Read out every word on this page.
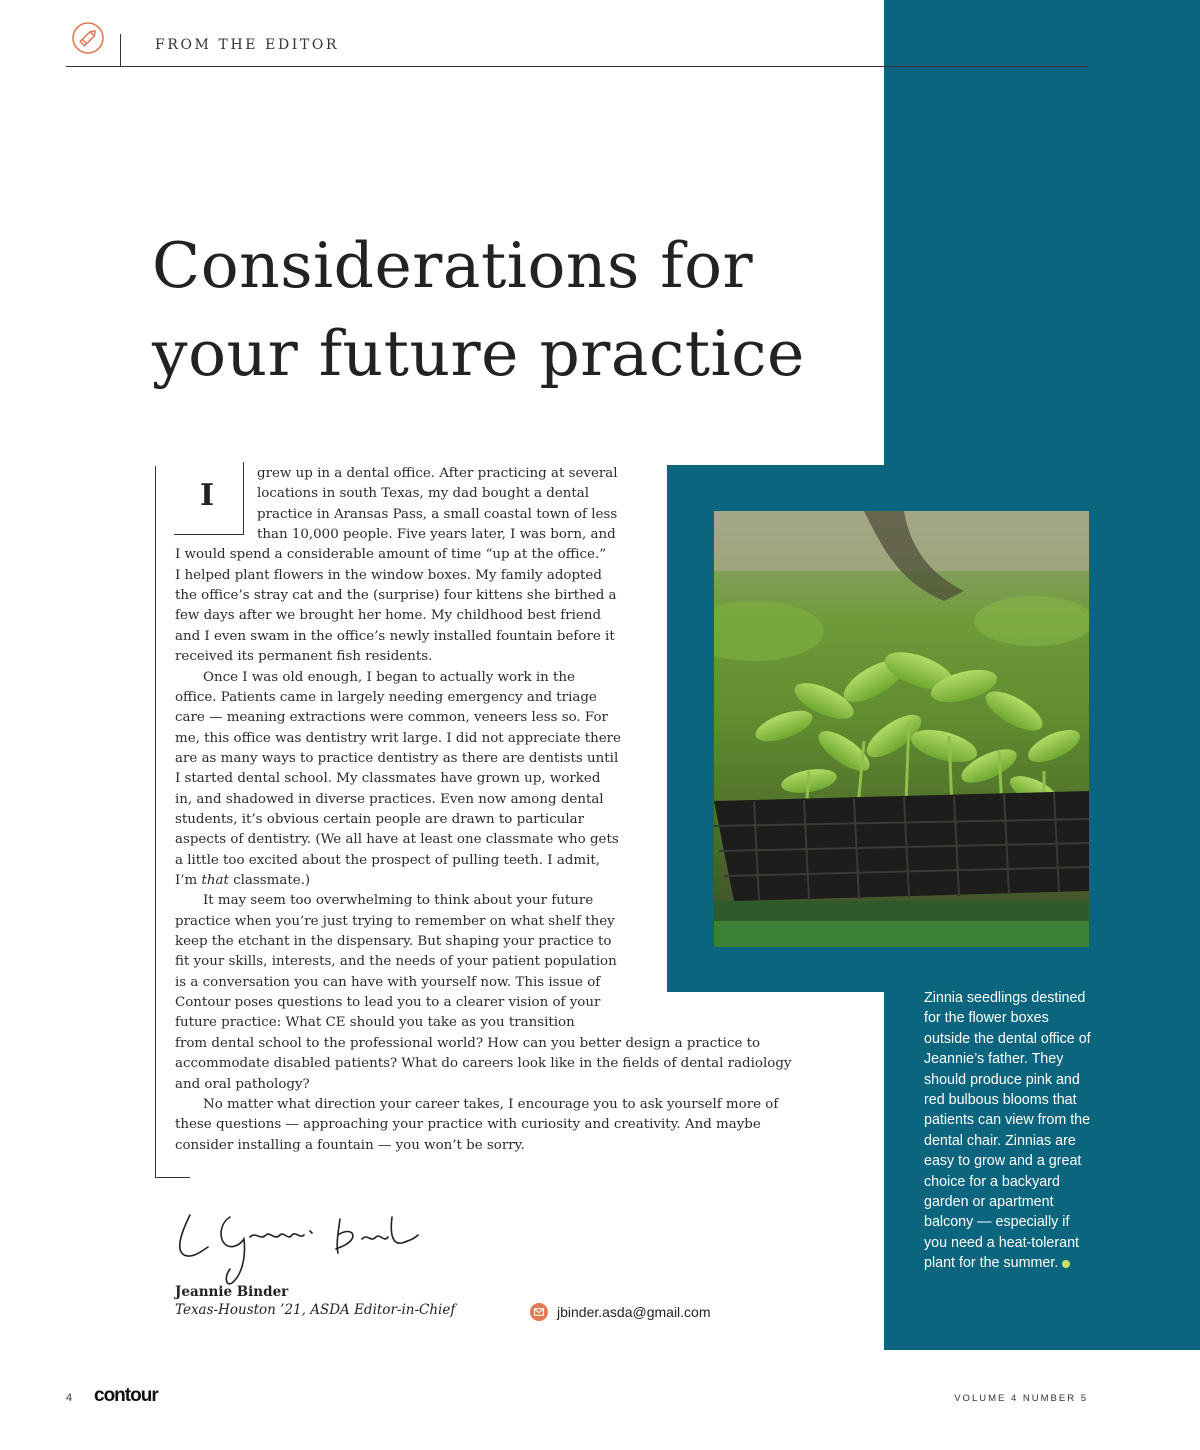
FROM THE EDITOR
Considerations for
your future practice
I
grew up in a dental office. After practicing at several
locations in south Texas, my dad bought a dental
practice in Aransas Pass, a small coastal town of less
than 10,000 people. Five years later, I was born, and
I would spend a considerable amount of time “up at the office.”
I helped plant flowers in the window boxes. My family adopted
the office’s stray cat and the (surprise) four kittens she birthed a
few days after we brought her home. My childhood best friend
and I even swam in the office’s newly installed fountain before it
received its permanent fish residents.
Once I was old enough, I began to actually work in the
office. Patients came in largely needing emergency and triage
care — meaning extractions were common, veneers less so. For
me, this office was dentistry writ large. I did not appreciate there
are as many ways to practice dentistry as there are dentists until
I started dental school. My classmates have grown up, worked
in, and shadowed in diverse practices. Even now among dental
students, it’s obvious certain people are drawn to particular
aspects of dentistry. (We all have at least one classmate who gets
a little too excited about the prospect of pulling teeth. I admit,
I’m that classmate.)
It may seem too overwhelming to think about your future
practice when you’re just trying to remember on what shelf they
keep the etchant in the dispensary. But shaping your practice to
fit your skills, interests, and the needs of your patient population
is a conversation you can have with yourself now. This issue of
Contour poses questions to lead you to a clearer vision of your
future practice: What CE should you take as you transition
from dental school to the professional world? How can you better design a practice to
accommodate disabled patients? What do careers look like in the fields of dental radiology
and oral pathology?
No matter what direction your career takes, I encourage you to ask yourself more of
these questions — approaching your practice with curiosity and creativity. And maybe
consider installing a fountain — you won’t be sorry.
Zinnia seedlings destined for the flower boxes outside the dental office of Jeannie’s father. They should produce pink and red bulbous blooms that patients can view from the dental chair. Zinnias are easy to grow and a great choice for a backyard garden or apartment balcony — especially if you need a heat-tolerant plant for the summer.
Jeannie Binder
Texas-Houston ’21, ASDA Editor-in-Chief	jbinder.asda@gmail.com
4 contour	VOLUME 4 NUMBER 5
